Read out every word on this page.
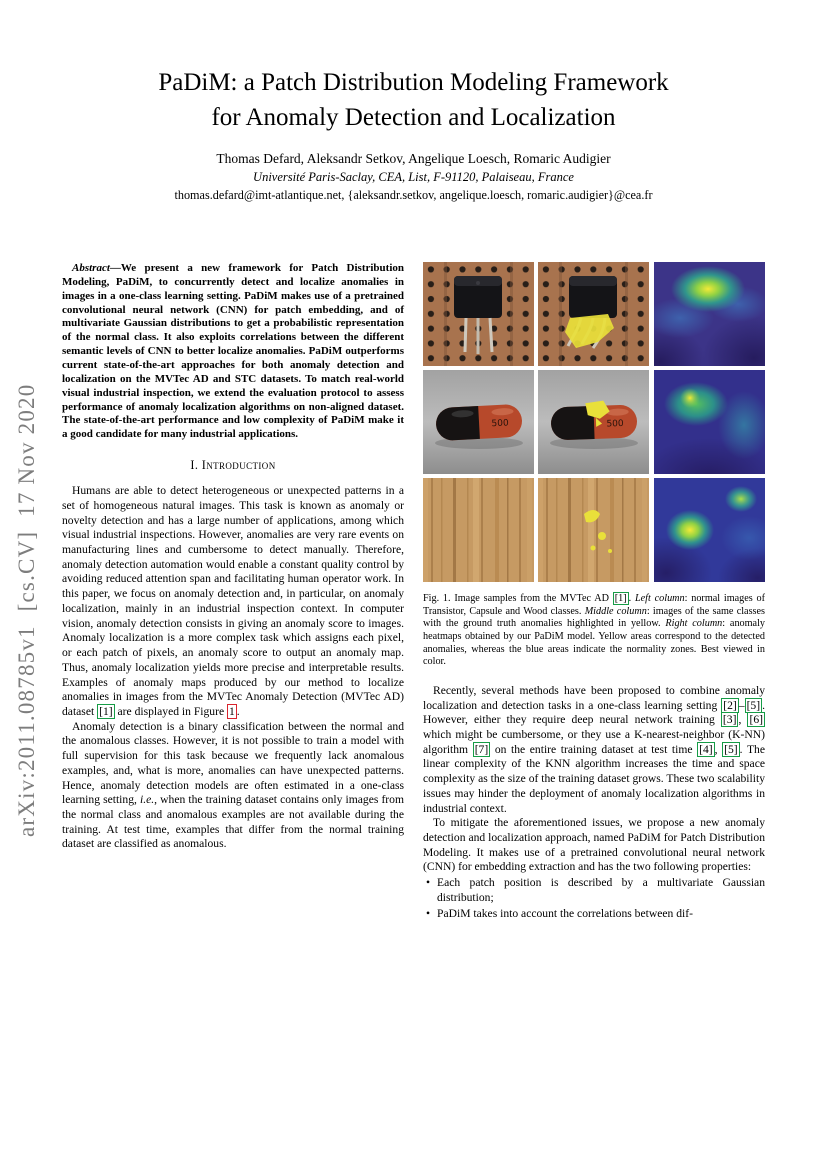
arXiv:2011.08785v1  [cs.CV]  17 Nov 2020
PaDiM: a Patch Distribution Modeling Framework
for Anomaly Detection and Localization
Thomas Defard, Aleksandr Setkov, Angelique Loesch, Romaric Audigier
Université Paris-Saclay, CEA, List, F-91120, Palaiseau, France
thomas.defard@imt-atlantique.net, {aleksandr.setkov, angelique.loesch, romaric.audigier}@cea.fr

Abstract—We present a new framework for Patch Distribution Modeling, PaDiM, to concurrently detect and localize anomalies in images in a one-class learning setting. PaDiM makes use of a pretrained convolutional neural network (CNN) for patch embedding, and of multivariate Gaussian distributions to get a probabilistic representation of the normal class. It also exploits correlations between the different semantic levels of CNN to better localize anomalies. PaDiM outperforms current state-of-the-art approaches for both anomaly detection and localization on the MVTec AD and STC datasets. To match real-world visual industrial inspection, we extend the evaluation protocol to assess performance of anomaly localization algorithms on non-aligned dataset. The state-of-the-art performance and low complexity of PaDiM make it a good candidate for many industrial applications.

I. Introduction

Humans are able to detect heterogeneous or unexpected patterns in a set of homogeneous natural images. This task is known as anomaly or novelty detection and has a large number of applications, among which visual industrial inspections. However, anomalies are very rare events on manufacturing lines and cumbersome to detect manually. Therefore, anomaly detection automation would enable a constant quality control by avoiding reduced attention span and facilitating human operator work. In this paper, we focus on anomaly detection and, in particular, on anomaly localization, mainly in an industrial inspection context. In computer vision, anomaly detection consists in giving an anomaly score to images. Anomaly localization is a more complex task which assigns each pixel, or each patch of pixels, an anomaly score to output an anomaly map. Thus, anomaly localization yields more precise and interpretable results. Examples of anomaly maps produced by our method to localize anomalies in images from the MVTec Anomaly Detection (MVTec AD) dataset [1] are displayed in Figure 1 .

Anomaly detection is a binary classification between the normal and the anomalous classes. However, it is not possible to train a model with full supervision for this task because we frequently lack anomalous examples, and, what is more, anomalies can have unexpected patterns. Hence, anomaly detection models are often estimated in a one-class learning setting, i.e., when the training dataset contains only images from the normal class and anomalous examples are not available during the training. At test time, examples that differ from the normal training dataset are classified as anomalous.

500	500
Fig. 1. Image samples from the MVTec AD [1] . Left column: normal images of Transistor, Capsule and Wood classes. Middle column: images of the same classes with the ground truth anomalies highlighted in yellow. Right column: anomaly heatmaps obtained by our PaDiM model. Yellow areas correspond to the detected anomalies, whereas the blue areas indicate the normality zones. Best viewed in color.

Recently, several methods have been proposed to combine anomaly localization and detection tasks in a one-class learning setting [2] – [5] . However, either they require deep neural network training [3] , [6] which might be cumbersome, or they use a K-nearest-neighbor (K-NN) algorithm [7] on the entire training dataset at test time [4] , [5] . The linear complexity of the KNN algorithm increases the time and space complexity as the size of the training dataset grows. These two scalability issues may hinder the deployment of anomaly localization algorithms in industrial context.

To mitigate the aforementioned issues, we propose a new anomaly detection and localization approach, named PaDiM for Patch Distribution Modeling. It makes use of a pretrained convolutional neural network (CNN) for embedding extraction and has the two following properties:

• Each patch position is described by a multivariate Gaussian distribution;
• PaDiM takes into account the correlations between dif-
